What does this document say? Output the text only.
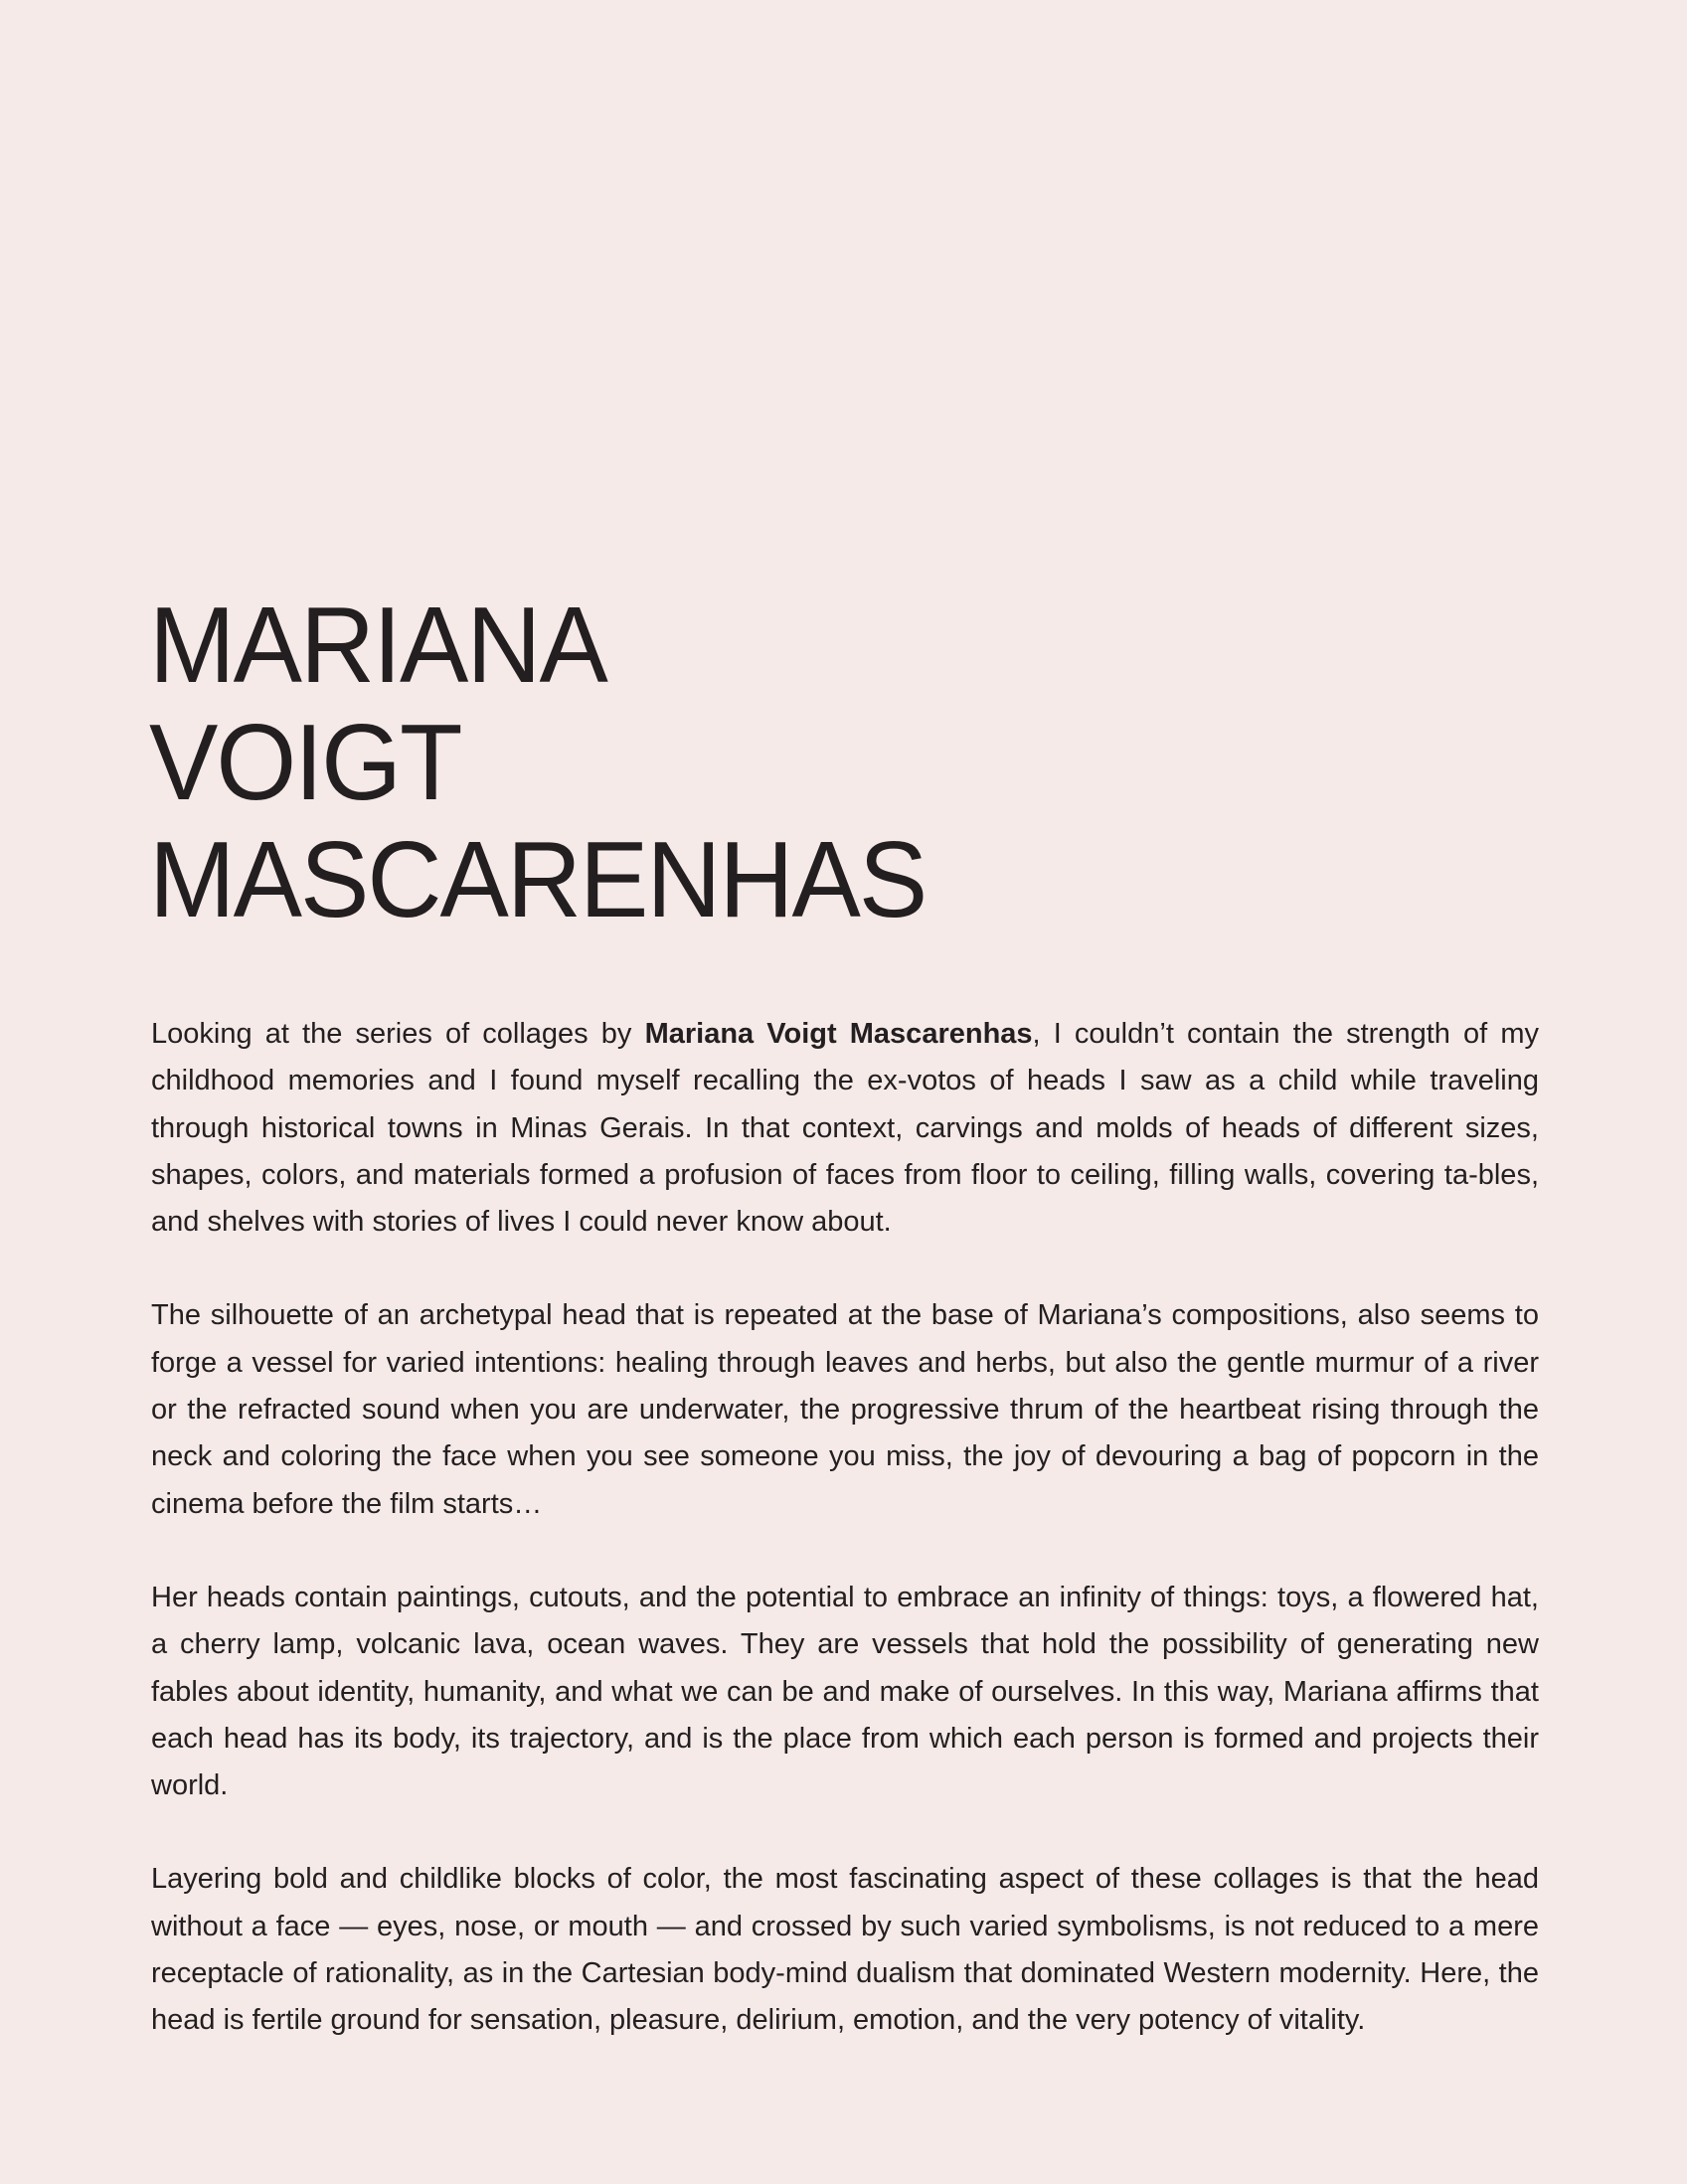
MARIANA
VOIGT
MASCARENHAS

Looking at the series of collages by Mariana Voigt Mascarenhas, I couldn’t contain the strength of my childhood memories and I found myself recalling the ex-votos of heads I saw as a child while traveling through historical towns in Minas Gerais. In that context, carvings and molds of heads of different sizes, shapes, colors, and materials formed a profusion of faces from floor to ceiling, filling walls, covering ta-bles, and shelves with stories of lives I could never know about.

The silhouette of an archetypal head that is repeated at the base of Mariana’s compositions, also seems to forge a vessel for varied intentions: healing through leaves and herbs, but also the gentle murmur of a river or the refracted sound when you are underwater, the progressive thrum of the heartbeat rising through the neck and coloring the face when you see someone you miss, the joy of devouring a bag of popcorn in the cinema before the film starts…

Her heads contain paintings, cutouts, and the potential to embrace an infinity of things: toys, a flowered hat, a cherry lamp, volcanic lava, ocean waves. They are vessels that hold the possibility of generating new fables about identity, humanity, and what we can be and make of ourselves. In this way, Mariana affirms that each head has its body, its trajectory, and is the place from which each person is formed and projects their world.

Layering bold and childlike blocks of color, the most fascinating aspect of these collages is that the head without a face — eyes, nose, or mouth — and crossed by such varied symbolisms, is not reduced to a mere receptacle of rationality, as in the Cartesian body-mind dualism that dominated Western modernity. Here, the head is fertile ground for sensation, pleasure, delirium, emotion, and the very potency of vitality.
